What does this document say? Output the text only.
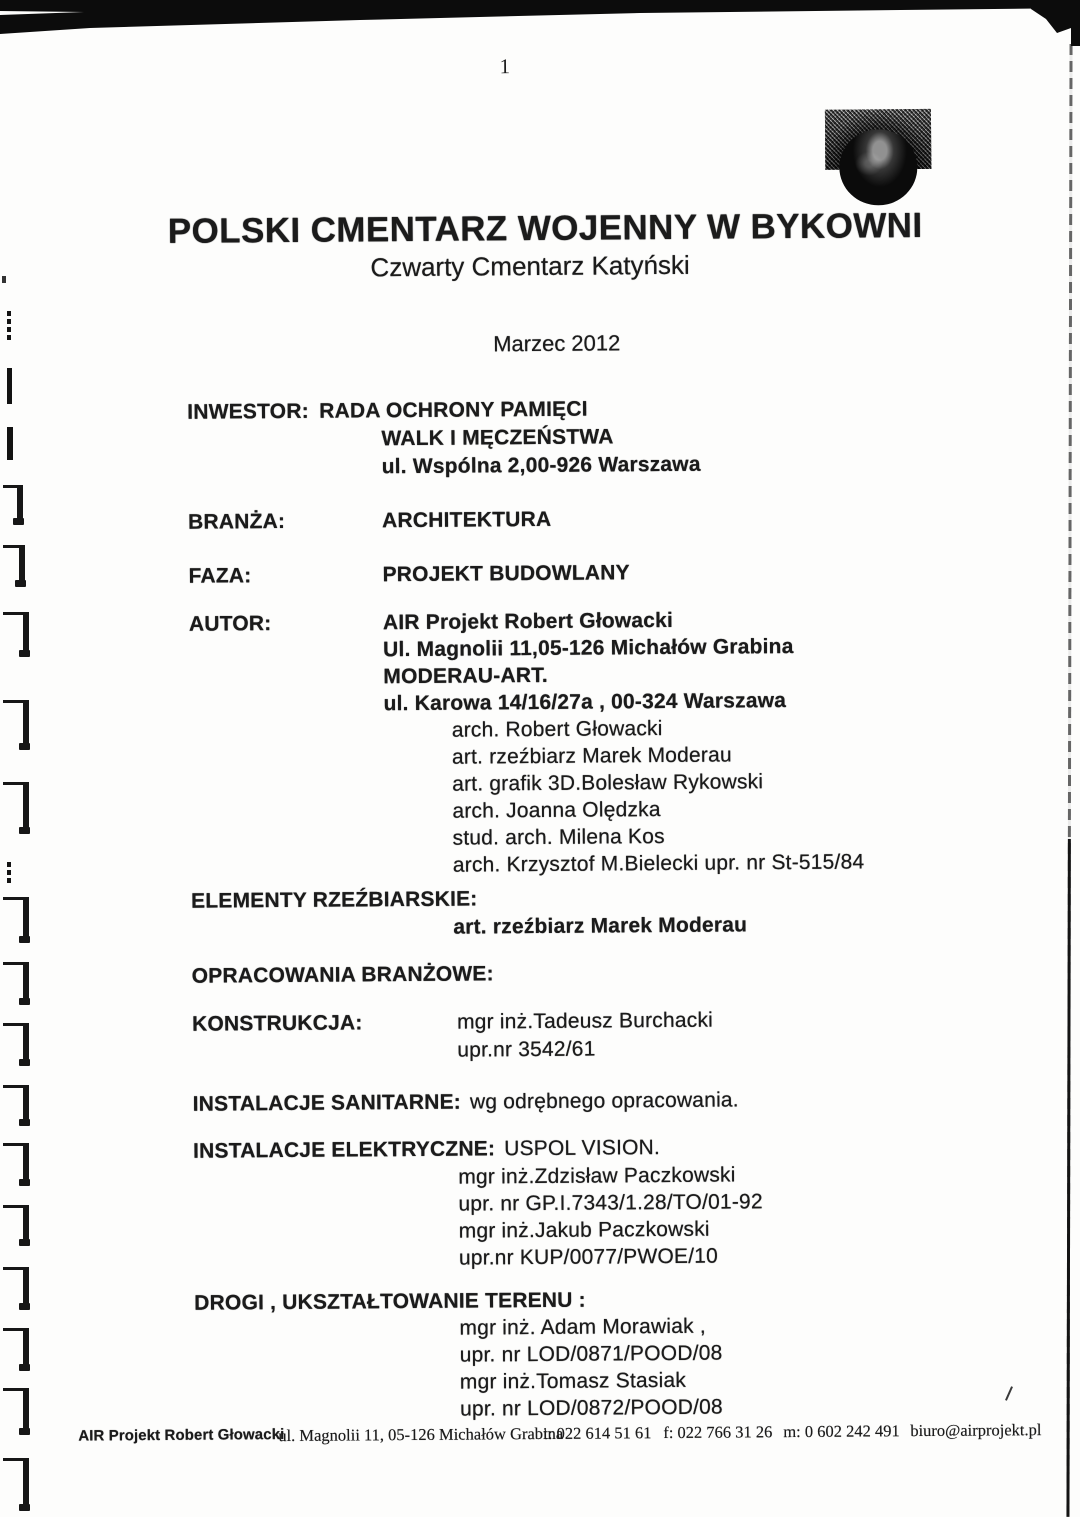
1
POLSKI CMENTARZ WOJENNY W BYKOWNI
Czwarty Cmentarz Katyński
Marzec 2012
INWESTOR: RADA OCHRONY PAMIĘCI
WALK I MĘCZEŃSTWA
ul. Wspólna 2,00-926 Warszawa
BRANŻA:	ARCHITEKTURA
FAZA:	PROJEKT BUDOWLANY
AUTOR:	AIR Projekt Robert Głowacki
Ul. Magnolii 11,05-126 Michałów Grabina
MODERAU-ART.
ul. Karowa 14/16/27a , 00-324 Warszawa
arch. Robert Głowacki
art. rzeźbiarz Marek Moderau
art. grafik 3D.Bolesław Rykowski
arch. Joanna Olędzka
stud. arch. Milena Kos
arch. Krzysztof M.Bielecki upr. nr St-515/84
ELEMENTY RZEŹBIARSKIE:
art. rzeźbiarz Marek Moderau
OPRACOWANIA BRANŻOWE:
KONSTRUKCJA:	mgr inż.Tadeusz Burchacki
upr.nr 3542/61
INSTALACJE SANITARNE: wg odrębnego opracowania.
INSTALACJE ELEKTRYCZNE: USPOL VISION.
mgr inż.Zdzisław Paczkowski
upr. nr GP.I.7343/1.28/TO/01-92
mgr inż.Jakub Paczkowski
upr.nr KUP/0077/PWOE/10
DROGI , UKSZTAŁTOWANIE TERENU :
mgr inż. Adam Morawiak ,
upr. nr LOD/0871/POOD/08
mgr inż.Tomasz Stasiak
upr. nr LOD/0872/POOD/08
AIR Projekt Robert Głowacki
ul. Magnolii 11, 05-126 Michałów Grabina
t: 022 614 51 61 f: 022 766 31 26 m: 0 602 242 491 biuro@airprojekt.pl
